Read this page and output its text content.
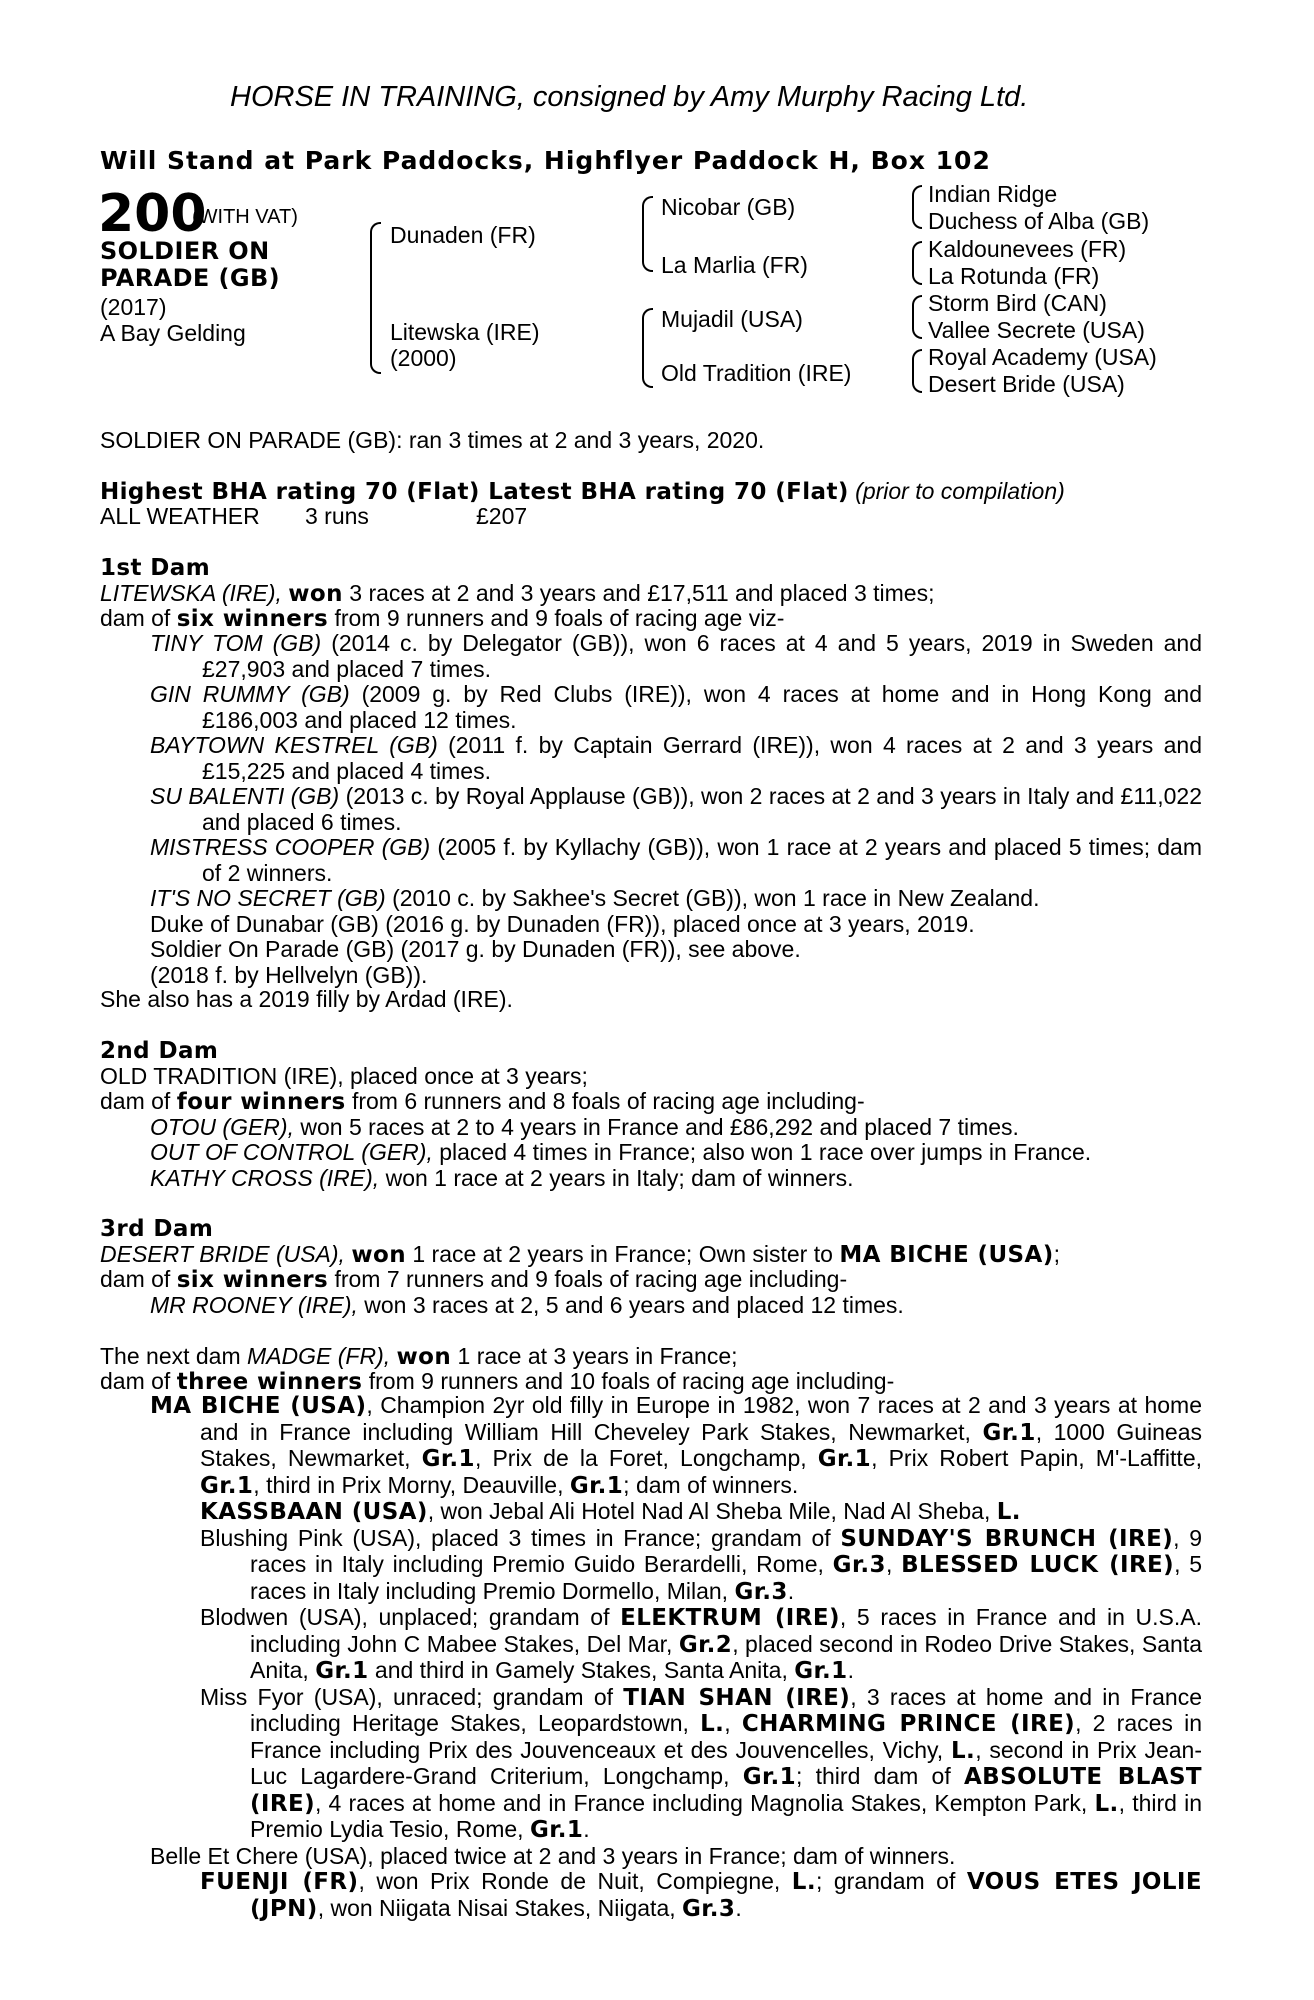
HORSE IN TRAINING, consigned by Amy Murphy Racing Ltd.
Will Stand at Park Paddocks, Highflyer Paddock H, Box 102
200
(WITH VAT)
SOLDIER ON
PARADE (GB)
(2017)
A Bay Gelding
Dunaden (FR)
Litewska (IRE)
(2000)
Nicobar (GB)
La Marlia (FR)
Mujadil (USA)
Old Tradition (IRE)
Indian Ridge
Duchess of Alba (GB)
Kaldounevees (FR)
La Rotunda (FR)
Storm Bird (CAN)
Vallee Secrete (USA)
Royal Academy (USA)
Desert Bride (USA)
SOLDIER ON PARADE (GB): ran 3 times at 2 and 3 years, 2020.
Highest BHA rating 70 (Flat) Latest BHA rating 70 (Flat) (prior to compilation)
ALL WEATHER 3 runs	£207
1st Dam
LITEWSKA (IRE), won 3 races at 2 and 3 years and £17,511 and placed 3 times;
dam of six winners from 9 runners and 9 foals of racing age viz-

TINY TOM (GB) (2014 c. by Delegator (GB)), won 6 races at 4 and 5 years, 2019 in Sweden and £27,903 and placed 7 times.

GIN RUMMY (GB) (2009 g. by Red Clubs (IRE)), won 4 races at home and in Hong Kong and £186,003 and placed 12 times.

BAYTOWN KESTREL (GB) (2011 f. by Captain Gerrard (IRE)), won 4 races at 2 and 3 years and £15,225 and placed 4 times.

SU BALENTI (GB) (2013 c. by Royal Applause (GB)), won 2 races at 2 and 3 years in Italy and £11,022 and placed 6 times.

MISTRESS COOPER (GB) (2005 f. by Kyllachy (GB)), won 1 race at 2 years and placed 5 times; dam of 2 winners.

IT'S NO SECRET (GB) (2010 c. by Sakhee's Secret (GB)), won 1 race in New Zealand.

Duke of Dunabar (GB) (2016 g. by Dunaden (FR)), placed once at 3 years, 2019.

Soldier On Parade (GB) (2017 g. by Dunaden (FR)), see above.

(2018 f. by Hellvelyn (GB)).

She also has a 2019 filly by Ardad (IRE).
2nd Dam
OLD TRADITION (IRE), placed once at 3 years;
dam of four winners from 6 runners and 8 foals of racing age including-
OTOU (GER), won 5 races at 2 to 4 years in France and £86,292 and placed 7 times.
OUT OF CONTROL (GER), placed 4 times in France; also won 1 race over jumps in France.
KATHY CROSS (IRE), won 1 race at 2 years in Italy; dam of winners.
3rd Dam
DESERT BRIDE (USA), won 1 race at 2 years in France; Own sister to MA BICHE (USA);
dam of six winners from 7 runners and 9 foals of racing age including-
MR ROONEY (IRE), won 3 races at 2, 5 and 6 years and placed 12 times.
The next dam MADGE (FR), won 1 race at 3 years in France;
dam of three winners from 9 runners and 10 foals of racing age including-

MA BICHE (USA), Champion 2yr old filly in Europe in 1982, won 7 races at 2 and 3 years at home and in France including William Hill Cheveley Park Stakes, Newmarket, Gr.1, 1000 Guineas Stakes, Newmarket, Gr.1, Prix de la Foret, Longchamp, Gr.1, Prix Robert Papin, M'-Laffitte, Gr.1, third in Prix Morny, Deauville, Gr.1; dam of winners.

KASSBAAN (USA), won Jebal Ali Hotel Nad Al Sheba Mile, Nad Al Sheba, L.

Blushing Pink (USA), placed 3 times in France; grandam of SUNDAY'S BRUNCH (IRE), 9 races in Italy including Premio Guido Berardelli, Rome, Gr.3, BLESSED LUCK (IRE), 5 races in Italy including Premio Dormello, Milan, Gr.3.

Blodwen (USA), unplaced; grandam of ELEKTRUM (IRE), 5 races in France and in U.S.A. including John C Mabee Stakes, Del Mar, Gr.2, placed second in Rodeo Drive Stakes, Santa Anita, Gr.1 and third in Gamely Stakes, Santa Anita, Gr.1.

Miss Fyor (USA), unraced; grandam of TIAN SHAN (IRE), 3 races at home and in France including Heritage Stakes, Leopardstown, L., CHARMING PRINCE (IRE), 2 races in France including Prix des Jouvenceaux et des Jouvencelles, Vichy, L., second in Prix Jean-Luc Lagardere-Grand Criterium, Longchamp, Gr.1; third dam of ABSOLUTE BLAST (IRE), 4 races at home and in France including Magnolia Stakes, Kempton Park, L., third in Premio Lydia Tesio, Rome, Gr.1.

Belle Et Chere (USA), placed twice at 2 and 3 years in France; dam of winners.

FUENJI (FR), won Prix Ronde de Nuit, Compiegne, L.; grandam of VOUS ETES JOLIE (JPN), won Niigata Nisai Stakes, Niigata, Gr.3.
